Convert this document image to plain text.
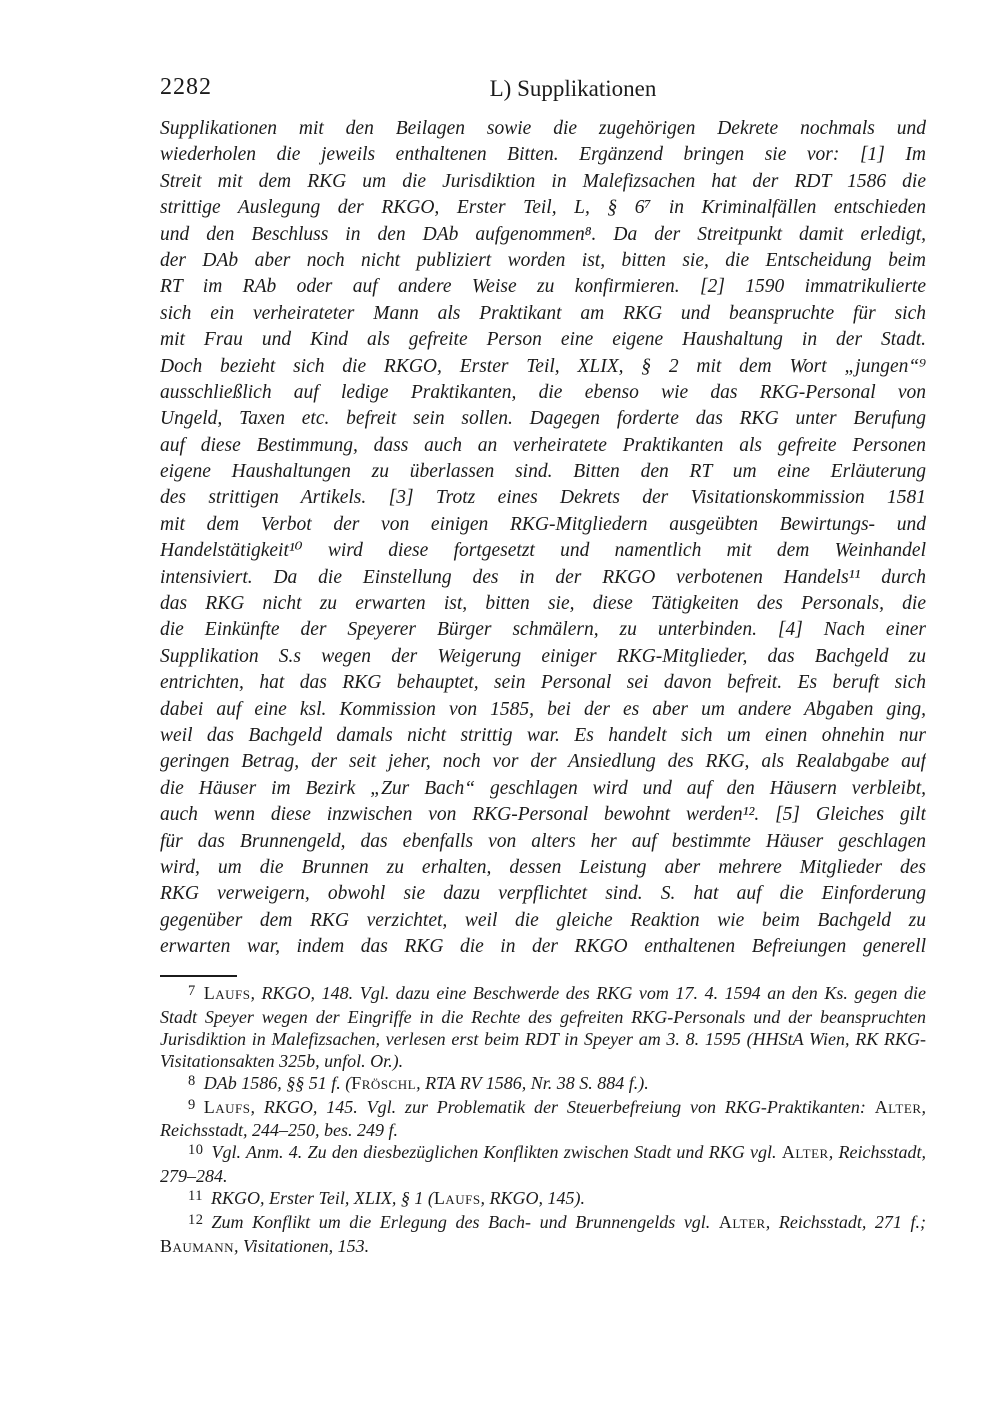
2282	L) Supplikationen
Supplikationen mit den Beilagen sowie die zugehörigen Dekrete nochmals und
wiederholen die jeweils enthaltenen Bitten. Ergänzend bringen sie vor: [1] Im
Streit mit dem RKG um die Jurisdiktion in Malefizsachen hat der RDT 1586 die
strittige Auslegung der RKGO, Erster Teil, L, § 6⁷ in Kriminalfällen entschieden
und den Beschluss in den DAb aufgenommen⁸. Da der Streitpunkt damit erledigt,
der DAb aber noch nicht publiziert worden ist, bitten sie, die Entscheidung beim
RT im RAb oder auf andere Weise zu konfirmieren. [2] 1590 immatrikulierte
sich ein verheirateter Mann als Praktikant am RKG und beanspruchte für sich
mit Frau und Kind als gefreite Person eine eigene Haushaltung in der Stadt.
Doch bezieht sich die RKGO, Erster Teil, XLIX, § 2 mit dem Wort „jungen“⁹
ausschließlich auf ledige Praktikanten, die ebenso wie das RKG-Personal von
Ungeld, Taxen etc. befreit sein sollen. Dagegen forderte das RKG unter Berufung
auf diese Bestimmung, dass auch an verheiratete Praktikanten als gefreite Personen
eigene Haushaltungen zu überlassen sind. Bitten den RT um eine Erläuterung
des strittigen Artikels. [3] Trotz eines Dekrets der Visitationskommission 1581
mit dem Verbot der von einigen RKG-Mitgliedern ausgeübten Bewirtungs- und
Handelstätigkeit¹⁰ wird diese fortgesetzt und namentlich mit dem Weinhandel
intensiviert. Da die Einstellung des in der RKGO verbotenen Handels¹¹ durch
das RKG nicht zu erwarten ist, bitten sie, diese Tätigkeiten des Personals, die
die Einkünfte der Speyerer Bürger schmälern, zu unterbinden. [4] Nach einer
Supplikation S.s wegen der Weigerung einiger RKG-Mitglieder, das Bachgeld zu
entrichten, hat das RKG behauptet, sein Personal sei davon befreit. Es beruft sich
dabei auf eine ksl. Kommission von 1585, bei der es aber um andere Abgaben ging,
weil das Bachgeld damals nicht strittig war. Es handelt sich um einen ohnehin nur
geringen Betrag, der seit jeher, noch vor der Ansiedlung des RKG, als Realabgabe auf
die Häuser im Bezirk „Zur Bach“ geschlagen wird und auf den Häusern verbleibt,
auch wenn diese inzwischen von RKG-Personal bewohnt werden¹². [5] Gleiches gilt
für das Brunnengeld, das ebenfalls von alters her auf bestimmte Häuser geschlagen
wird, um die Brunnen zu erhalten, dessen Leistung aber mehrere Mitglieder des
RKG verweigern, obwohl sie dazu verpflichtet sind. S. hat auf die Einforderung
gegenüber dem RKG verzichtet, weil die gleiche Reaktion wie beim Bachgeld zu
erwarten war, indem das RKG die in der RKGO enthaltenen Befreiungen generell

$^7$ Laufs, RKGO, 148. Vgl. dazu eine Beschwerde des RKG vom 17. 4. 1594 an den Ks. gegen die Stadt Speyer wegen der Eingriffe in die Rechte des gefreiten RKG-Personals und der beanspruchten Jurisdiktion in Malefizsachen, verlesen erst beim RDT in Speyer am 3. 8. 1595 (HHStA Wien, RK RKG-Visitationsakten 325b, unfol. Or.).

$^8$ DAb 1586, §§ 51 f. (Fröschl, RTA RV 1586, Nr. 38 S. 884 f.).

$^9$ Laufs, RKGO, 145. Vgl. zur Problematik der Steuerbefreiung von RKG-Praktikanten: Alter, Reichsstadt, 244–250, bes. 249 f.

$^{10}$ Vgl. Anm. 4. Zu den diesbezüglichen Konflikten zwischen Stadt und RKG vgl. Alter, Reichsstadt, 279–284.

$^{11}$ RKGO, Erster Teil, XLIX, § 1 (Laufs, RKGO, 145).

$^{12}$ Zum Konflikt um die Erlegung des Bach- und Brunnengelds vgl. Alter, Reichsstadt, 271 f.; Baumann, Visitationen, 153.
